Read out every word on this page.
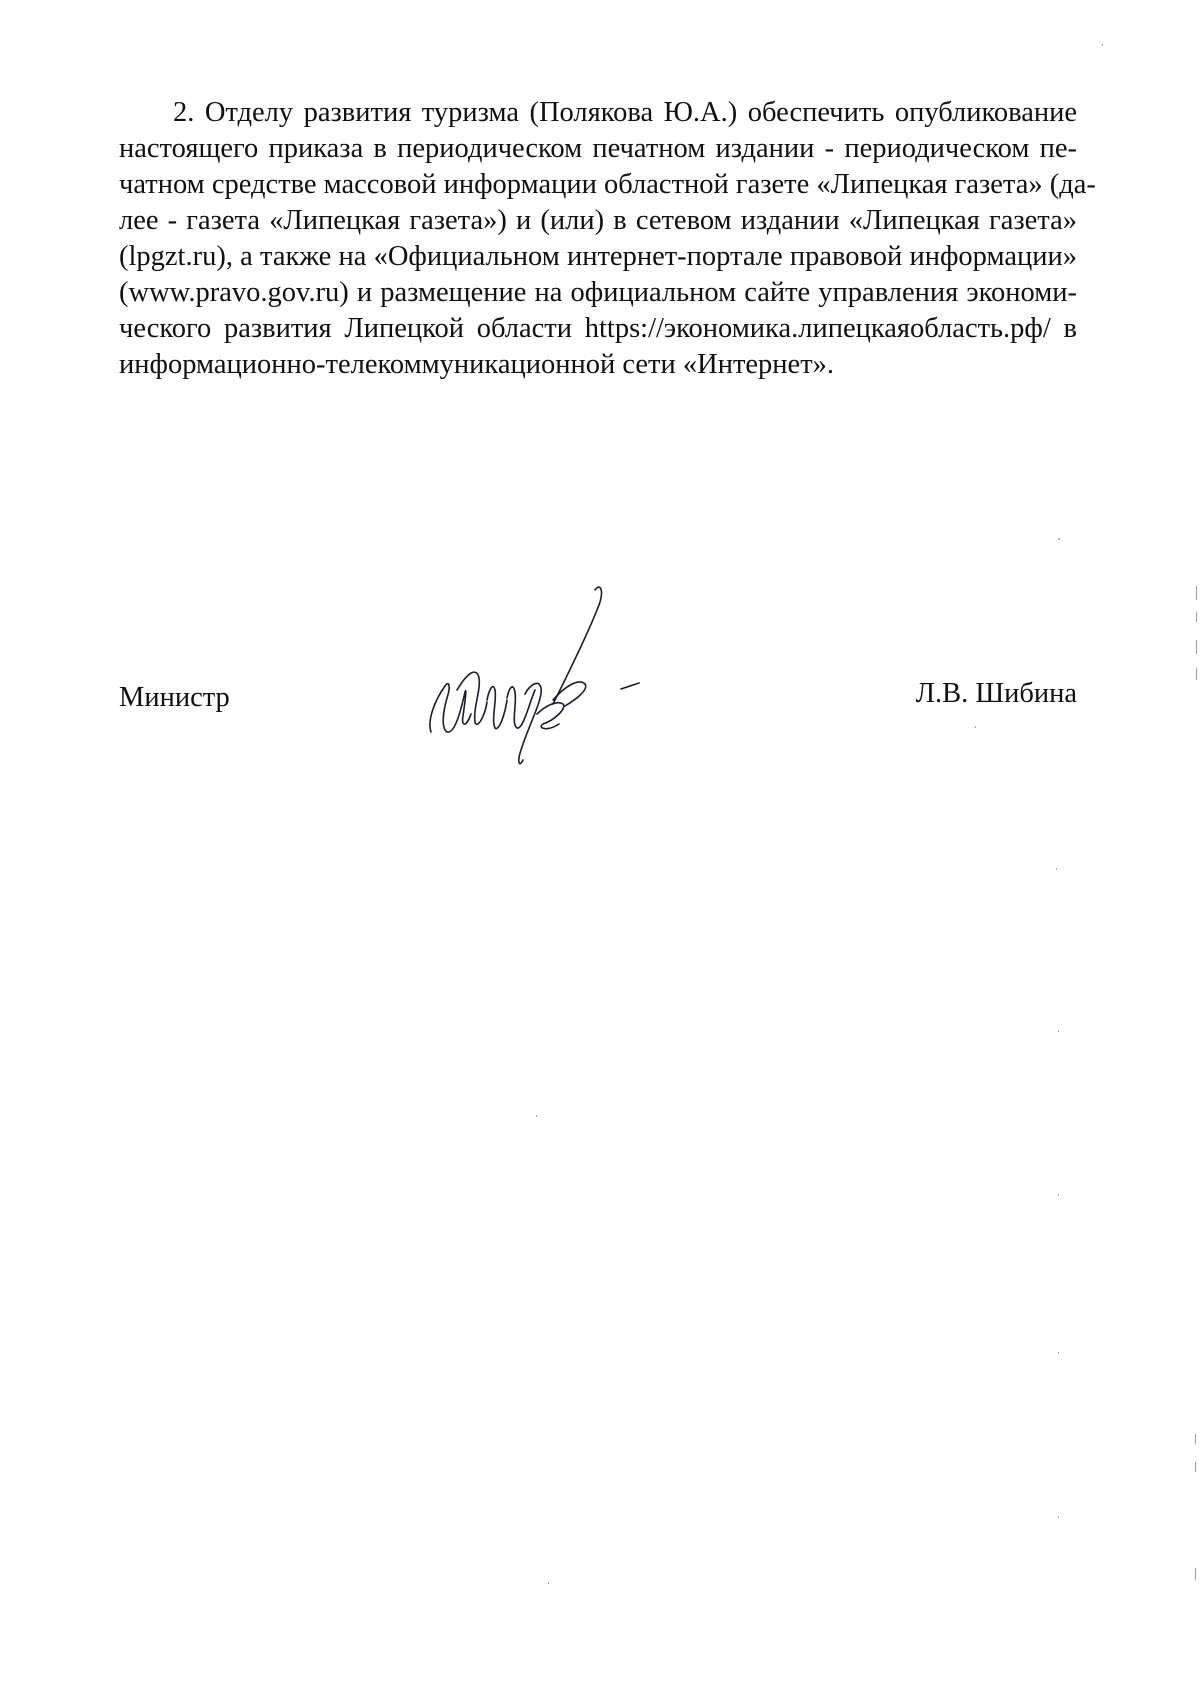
2. Отделу развития туризма (Полякова Ю.А.) обеспечить опубликование
настоящего приказа в периодическом печатном издании - периодическом пе-
чатном средстве массовой информации областной газете «Липецкая газета» (да-
лее - газета «Липецкая газета») и (или) в сетевом издании «Липецкая газета»
(lpgzt.ru), а также на «Официальном интернет-портале правовой информации»
(www.pravo.gov.ru) и размещение на официальном сайте управления экономи-
ческого развития Липецкой области https://экономика.липецкаяобласть.рф/ в
информационно-телекоммуникационной сети «Интернет».
Министр	Л.В. Шибина
